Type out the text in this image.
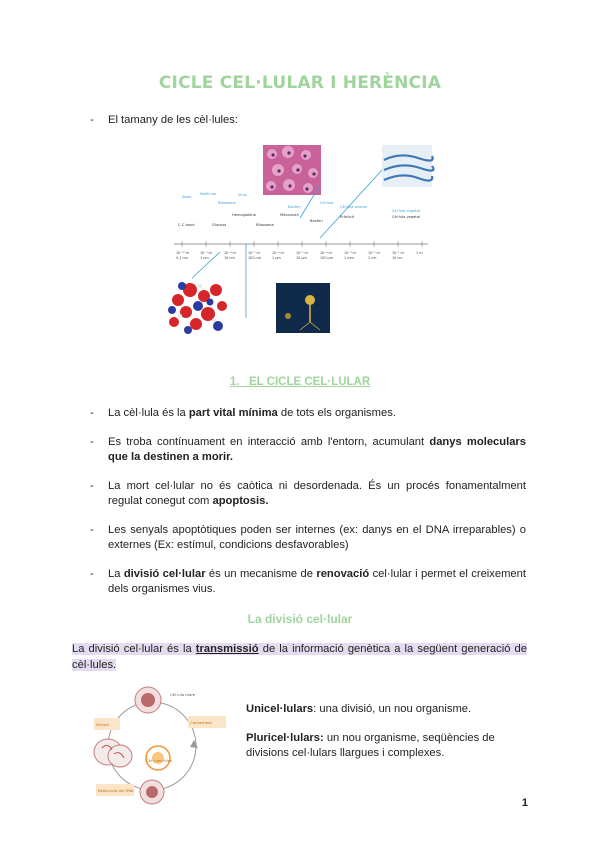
CICLE CEL·LULAR I HERÈNCIA
- El tamany de les cèl·lules:
Àtom
Molècula
Ribosoma
Virus
Bacteri
Cèl·lula
Cèl·lula animal
Cèl·lula vegetal
C-C bond	Glucosa
Hemoglobina
Ribosoma
Mitocondri
Bacteri
Eritròcit	Cèl·lula vegetal
10⁻¹⁰ m 0,1 nm
10⁻⁹ m 1 nm
10⁻⁸ m 10 nm
10⁻⁷ m 100 nm
10⁻⁶ m 1 µm
10⁻⁵ m 10 µm
10⁻⁴ m 100 µm
10⁻³ m 1 mm
10⁻² m 1 cm
10⁻¹ m 10 cm
1 m
1. EL CICLE CEL·LULAR
- La cèl·lula és la part vital mínima de tots els organismes.
- Es troba contínuament en interacció amb l'entorn, acumulant danys moleculars que la destinen a morir.
- La mort cel·lular no és caòtica ni desordenada. És un procés fonamentalment regulat conegut com apoptosis.
- Les senyals apoptòtiques poden ser internes (ex: danys en el DNA irreparables) o externes (Ex: estímul, condicions desfavorables)
- La divisió cel·lular és un mecanisme de renovació cel·lular i permet el creixement dels organismes vius.
La divisió cel·lular
La divisió cel·lular és la transmissió de la informació genètica a la següent generació de cèl·lules.
Cèl·lula mare
Creixement
Divisió
Cèl·lules filles
Replicació del DNA
Unicel·lulars: una divisió, un nou organisme.
Pluricel·lulars: un nou organisme, seqüències de divisions cel·lulars llargues i complexes.
1
